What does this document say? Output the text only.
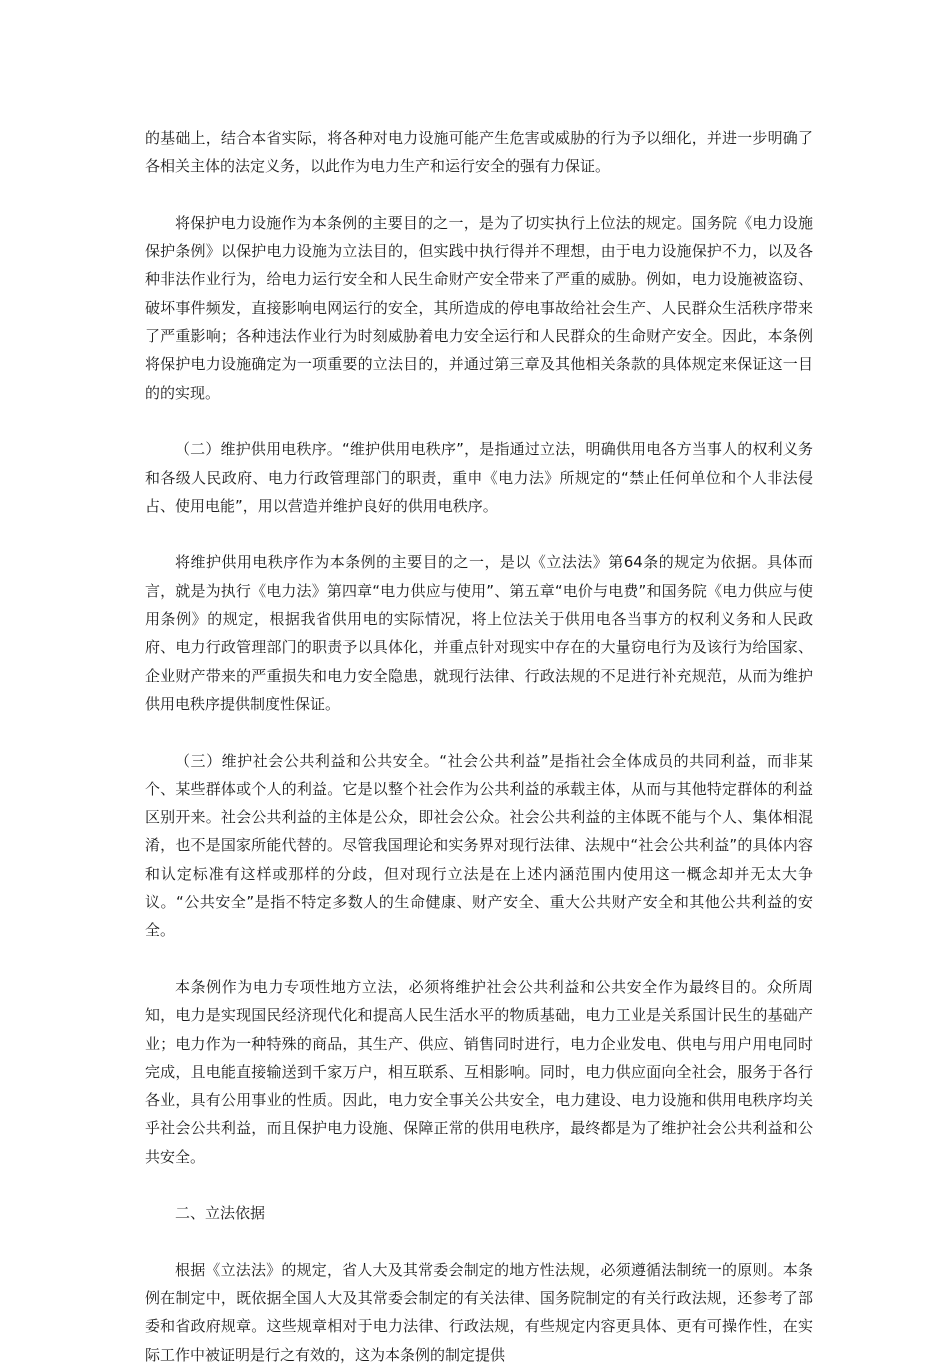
的基础上，结合本省实际，将各种对电力设施可能产生危害或威胁的行为予以细化，并进一步明确了各相关主体的法定义务，以此作为电力生产和运行安全的强有力保证。

将保护电力设施作为本条例的主要目的之一，是为了切实执行上位法的规定。国务院《电力设施保护条例》以保护电力设施为立法目的，但实践中执行得并不理想，由于电力设施保护不力，以及各种非法作业行为，给电力运行安全和人民生命财产安全带来了严重的威胁。例如，电力设施被盗窃、破坏事件频发，直接影响电网运行的安全，其所造成的停电事故给社会生产、人民群众生活秩序带来了严重影响；各种违法作业行为时刻威胁着电力安全运行和人民群众的生命财产安全。因此，本条例将保护电力设施确定为一项重要的立法目的，并通过第三章及其他相关条款的具体规定来保证这一目的的实现。

（二）维护供用电秩序。“维护供用电秩序”，是指通过立法，明确供用电各方当事人的权利义务和各级人民政府、电力行政管理部门的职责，重申《电力法》所规定的“禁止任何单位和个人非法侵占、使用电能”，用以营造并维护良好的供用电秩序。

将维护供用电秩序作为本条例的主要目的之一，是以《立法法》第64条的规定为依据。具体而言，就是为执行《电力法》第四章“电力供应与使用”、第五章“电价与电费”和国务院《电力供应与使用条例》的规定，根据我省供用电的实际情况，将上位法关于供用电各当事方的权利义务和人民政府、电力行政管理部门的职责予以具体化，并重点针对现实中存在的大量窃电行为及该行为给国家、企业财产带来的严重损失和电力安全隐患，就现行法律、行政法规的不足进行补充规范，从而为维护供用电秩序提供制度性保证。

（三）维护社会公共利益和公共安全。“社会公共利益”是指社会全体成员的共同利益，而非某个、某些群体或个人的利益。它是以整个社会作为公共利益的承载主体，从而与其他特定群体的利益区别开来。社会公共利益的主体是公众，即社会公众。社会公共利益的主体既不能与个人、集体相混淆，也不是国家所能代替的。尽管我国理论和实务界对现行法律、法规中“社会公共利益”的具体内容和认定标准有这样或那样的分歧，但对现行立法是在上述内涵范围内使用这一概念却并无太大争议。“公共安全”是指不特定多数人的生命健康、财产安全、重大公共财产安全和其他公共利益的安全。

本条例作为电力专项性地方立法，必须将维护社会公共利益和公共安全作为最终目的。众所周知，电力是实现国民经济现代化和提高人民生活水平的物质基础，电力工业是关系国计民生的基础产业；电力作为一种特殊的商品，其生产、供应、销售同时进行，电力企业发电、供电与用户用电同时完成，且电能直接输送到千家万户，相互联系、互相影响。同时，电力供应面向全社会，服务于各行各业，具有公用事业的性质。因此，电力安全事关公共安全，电力建设、电力设施和供用电秩序均关乎社会公共利益，而且保护电力设施、保障正常的供用电秩序，最终都是为了维护社会公共利益和公共安全。

二、立法依据

根据《立法法》的规定，省人大及其常委会制定的地方性法规，必须遵循法制统一的原则。本条例在制定中，既依据全国人大及其常委会制定的有关法律、国务院制定的有关行政法规，还参考了部委和省政府规章。这些规章相对于电力法律、行政法规，有些规定内容更具体、更有可操作性，在实际工作中被证明是行之有效的，这为本条例的制定提供
